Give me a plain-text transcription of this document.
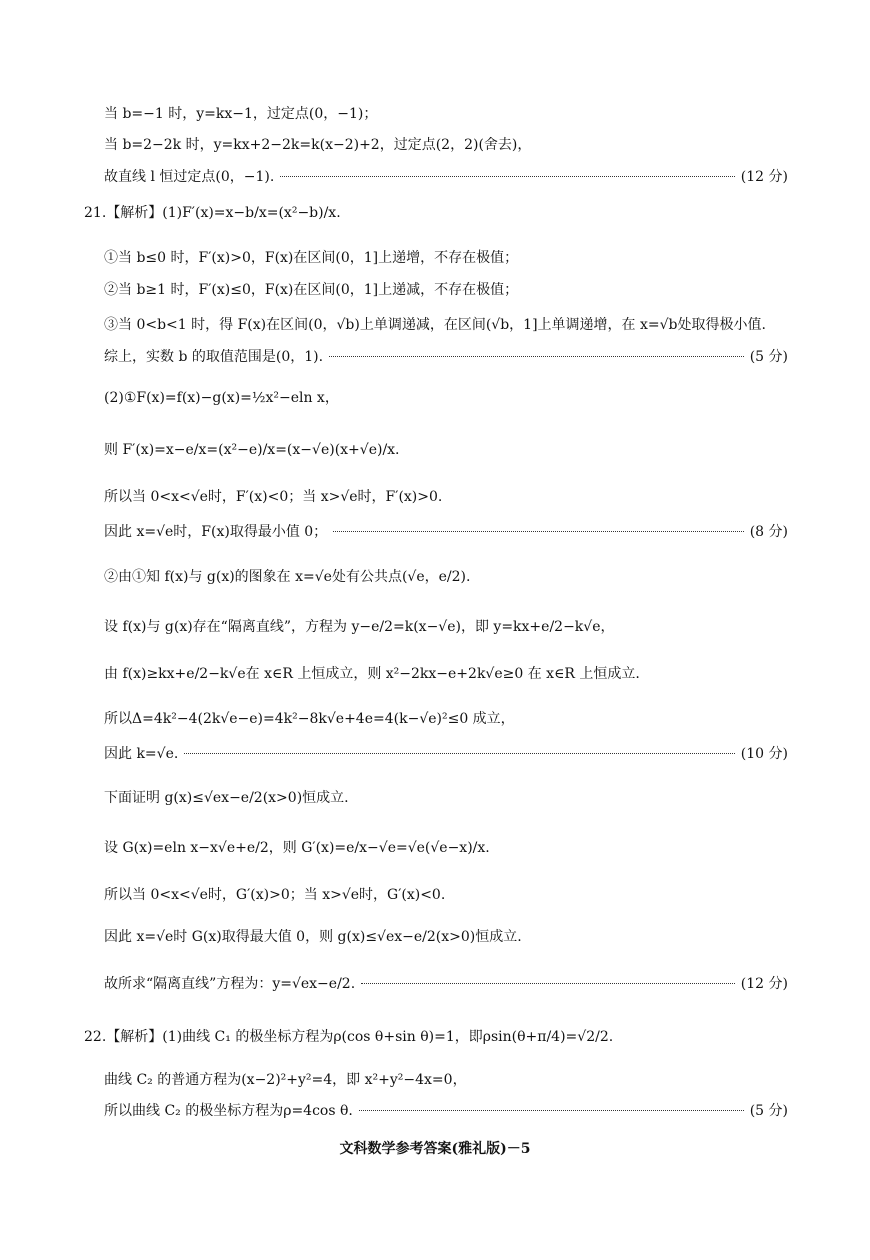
当 b=−1 时，y=kx−1，过定点(0，−1)；
当 b=2−2k 时，y=kx+2−2k=k(x−2)+2，过定点(2，2)(舍去)，
故直线 l 恒过定点(0，−1).	(12 分)
21.【解析】(1)F′(x)=x−b/x=(x²−b)/x.
①当 b≤0 时，F′(x)>0，F(x)在区间(0，1]上递增，不存在极值；
②当 b≥1 时，F′(x)≤0，F(x)在区间(0，1]上递减，不存在极值；
③当 0<b<1 时，得 F(x)在区间(0，√b)上单调递减，在区间(√b，1]上单调递增，在 x=√b处取得极小值.
综上，实数 b 的取值范围是(0，1).	(5 分)
(2)①F(x)=f(x)−g(x)=½x²−eln x，
则 F′(x)=x−e/x=(x²−e)/x=(x−√e)(x+√e)/x.
所以当 0<x<√e时，F′(x)<0；当 x>√e时，F′(x)>0.
因此 x=√e时，F(x)取得最小值 0；	(8 分)
②由①知 f(x)与 g(x)的图象在 x=√e处有公共点(√e，e/2).
设 f(x)与 g(x)存在“隔离直线”，方程为 y−e/2=k(x−√e)，即 y=kx+e/2−k√e，
由 f(x)≥kx+e/2−k√e在 x∈R 上恒成立，则 x²−2kx−e+2k√e≥0 在 x∈R 上恒成立.
所以Δ=4k²−4(2k√e−e)=4k²−8k√e+4e=4(k−√e)²≤0 成立，
因此 k=√e.	(10 分)
下面证明 g(x)≤√ex−e/2(x>0)恒成立.
设 G(x)=eln x−x√e+e/2，则 G′(x)=e/x−√e=√e(√e−x)/x.
所以当 0<x<√e时，G′(x)>0；当 x>√e时，G′(x)<0.
因此 x=√e时 G(x)取得最大值 0，则 g(x)≤√ex−e/2(x>0)恒成立.
故所求“隔离直线”方程为：y=√ex−e/2.	(12 分)
22.【解析】(1)曲线 C₁ 的极坐标方程为ρ(cos θ+sin θ)=1，即ρsin(θ+π/4)=√2/2.
曲线 C₂ 的普通方程为(x−2)²+y²=4，即 x²+y²−4x=0，
所以曲线 C₂ 的极坐标方程为ρ=4cos θ.	(5 分)
文科数学参考答案(雅礼版)－5
